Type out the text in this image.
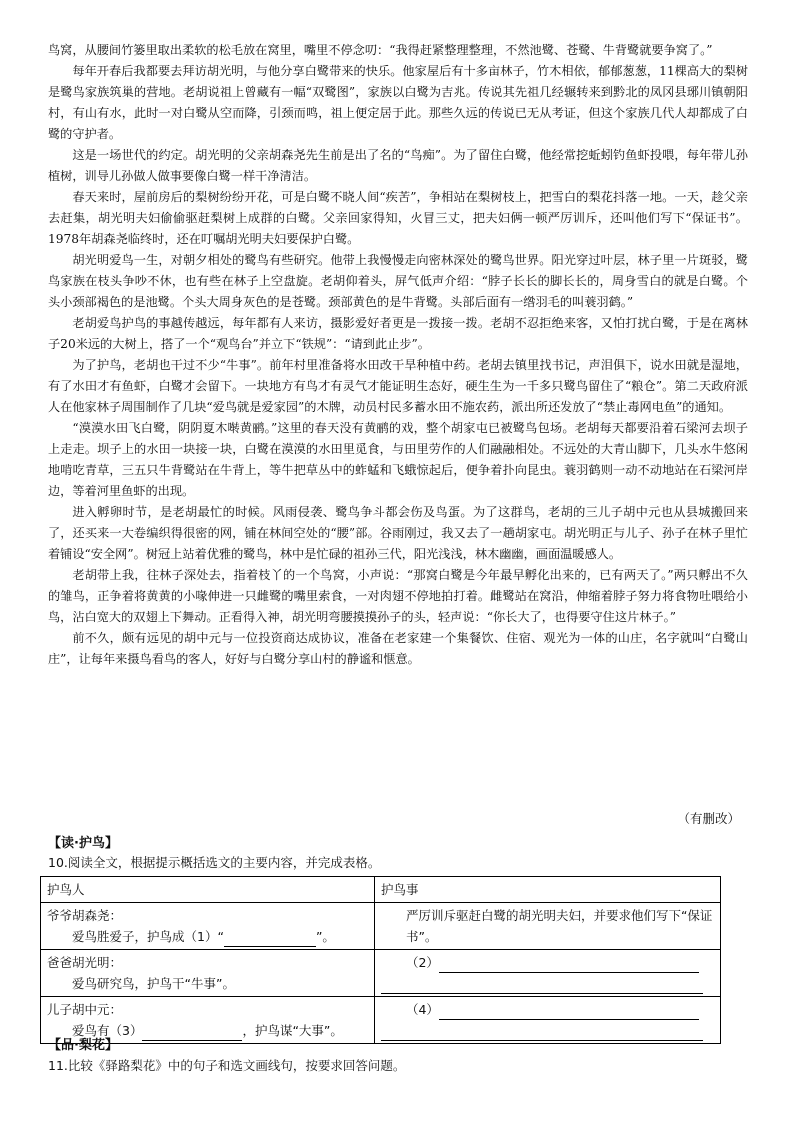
鸟窝，从腰间竹篓里取出柔软的松毛放在窝里，嘴里不停念叨：“我得赶紧整理整理，不然池鹭、苍鹭、牛背鹭就要争窝了。”

每年开春后我都要去拜访胡光明，与他分享白鹭带来的快乐。他家屋后有十多亩林子，竹木相依，郁郁葱葱，11棵高大的梨树是鹭鸟家族筑巢的营地。老胡说祖上曾藏有一幅“双鹭图”，家族以白鹭为吉兆。传说其先祖几经辗转来到黔北的凤冈县琊川镇朝阳村，有山有水，此时一对白鹭从空而降，引颈而鸣，祖上便定居于此。那些久远的传说已无从考证，但这个家族几代人却都成了白鹭的守护者。

这是一场世代的约定。胡光明的父亲胡森尧先生前是出了名的“鸟痴”。为了留住白鹭，他经常挖蚯蚓钓鱼虾投喂，每年带儿孙植树，训导儿孙做人做事要像白鹭一样干净清洁。

春天来时，屋前房后的梨树纷纷开花，可是白鹭不晓人间“疾苦”，争相站在梨树枝上，把雪白的梨花抖落一地。一天，趁父亲去赶集，胡光明夫妇偷偷驱赶梨树上成群的白鹭。父亲回家得知，火冒三丈，把夫妇俩一顿严厉训斥，还叫他们写下“保证书”。1978年胡森尧临终时，还在叮嘱胡光明夫妇要保护白鹭。

胡光明爱鸟一生，对朝夕相处的鹭鸟有些研究。他带上我慢慢走向密林深处的鹭鸟世界。阳光穿过叶层，林子里一片斑驳，鹭鸟家族在枝头争吵不休，也有些在林子上空盘旋。老胡仰着头，屏气低声介绍：“脖子长长的脚长长的，周身雪白的就是白鹭。个头小颈部褐色的是池鹭。个头大周身灰色的是苍鹭。颈部黄色的是牛背鹭。头部后面有一绺羽毛的叫蓑羽鹤。”

老胡爱鸟护鸟的事越传越远，每年都有人来访，摄影爱好者更是一拨接一拨。老胡不忍拒绝来客，又怕打扰白鹭，于是在离林子20米远的大树上，搭了一个“观鸟台”并立下“铁规”：“请到此止步”。

为了护鸟，老胡也干过不少“牛事”。前年村里准备将水田改干旱种植中药。老胡去镇里找书记，声泪俱下，说水田就是湿地，有了水田才有鱼虾，白鹭才会留下。一块地方有鸟才有灵气才能证明生态好，硬生生为一千多只鹭鸟留住了“粮仓”。第二天政府派人在他家林子周围制作了几块“爱鸟就是爱家园”的木牌，动员村民多蓄水田不施农药，派出所还发放了“禁止毒网电鱼”的通知。

“漠漠水田飞白鹭，阴阴夏木啭黄鹂。”这里的春天没有黄鹂的戏，整个胡家屯已被鹭鸟包场。老胡每天都要沿着石梁河去坝子上走走。坝子上的水田一块接一块，白鹭在漠漠的水田里觅食，与田里劳作的人们融融相处。不远处的大青山脚下，几头水牛悠闲地啃吃青草，三五只牛背鹭站在牛背上，等牛把草丛中的蚱蜢和飞蛾惊起后，便争着扑向昆虫。蓑羽鹤则一动不动地站在石梁河岸边，等着河里鱼虾的出现。

进入孵卵时节，是老胡最忙的时候。风雨侵袭、鹭鸟争斗都会伤及鸟蛋。为了这群鸟，老胡的三儿子胡中元也从县城搬回来了，还买来一大卷编织得很密的网，铺在林间空处的“腰”部。谷雨刚过，我又去了一趟胡家屯。胡光明正与儿子、孙子在林子里忙着铺设“安全网”。树冠上站着优雅的鹭鸟，林中是忙碌的祖孙三代，阳光浅浅，林木幽幽，画面温暖感人。

老胡带上我，往林子深处去，指着枝丫的一个鸟窝，小声说：“那窝白鹭是今年最早孵化出来的，已有两天了。”两只孵出不久的雏鸟，正争着将黄黄的小喙伸进一只雌鹭的嘴里索食，一对肉翅不停地拍打着。雌鹭站在窝沿，伸缩着脖子努力将食物吐喂给小鸟，沾白宽大的双翅上下舞动。正看得入神，胡光明弯腰摸摸孙子的头，轻声说：“你长大了，也得要守住这片林子。”

前不久，颇有远见的胡中元与一位投资商达成协议，准备在老家建一个集餐饮、住宿、观光为一体的山庄，名字就叫“白鹭山庄”，让每年来摄鸟看鸟的客人，好好与白鹭分享山村的静谧和惬意。

（有删改）
【读·护鸟】
10.阅读全文，根据提示概括选文的主要内容，并完成表格。
护鸟人	护鸟事
爷爷胡森尧：

爱鸟胜爱子，护鸟成（1）“ ”。	严厉训斥驱赶白鹭的胡光明夫妇，并要求他们写下“保证书”。

爸爸胡光明：

爱鸟研究鸟，护鸟干“牛事”。	（2）

儿子胡中元：

爱鸟有（3） ，护鸟谋“大事”。	（4）
【品·梨花】
11.比较《驿路梨花》中的句子和选文画线句，按要求回答问题。
